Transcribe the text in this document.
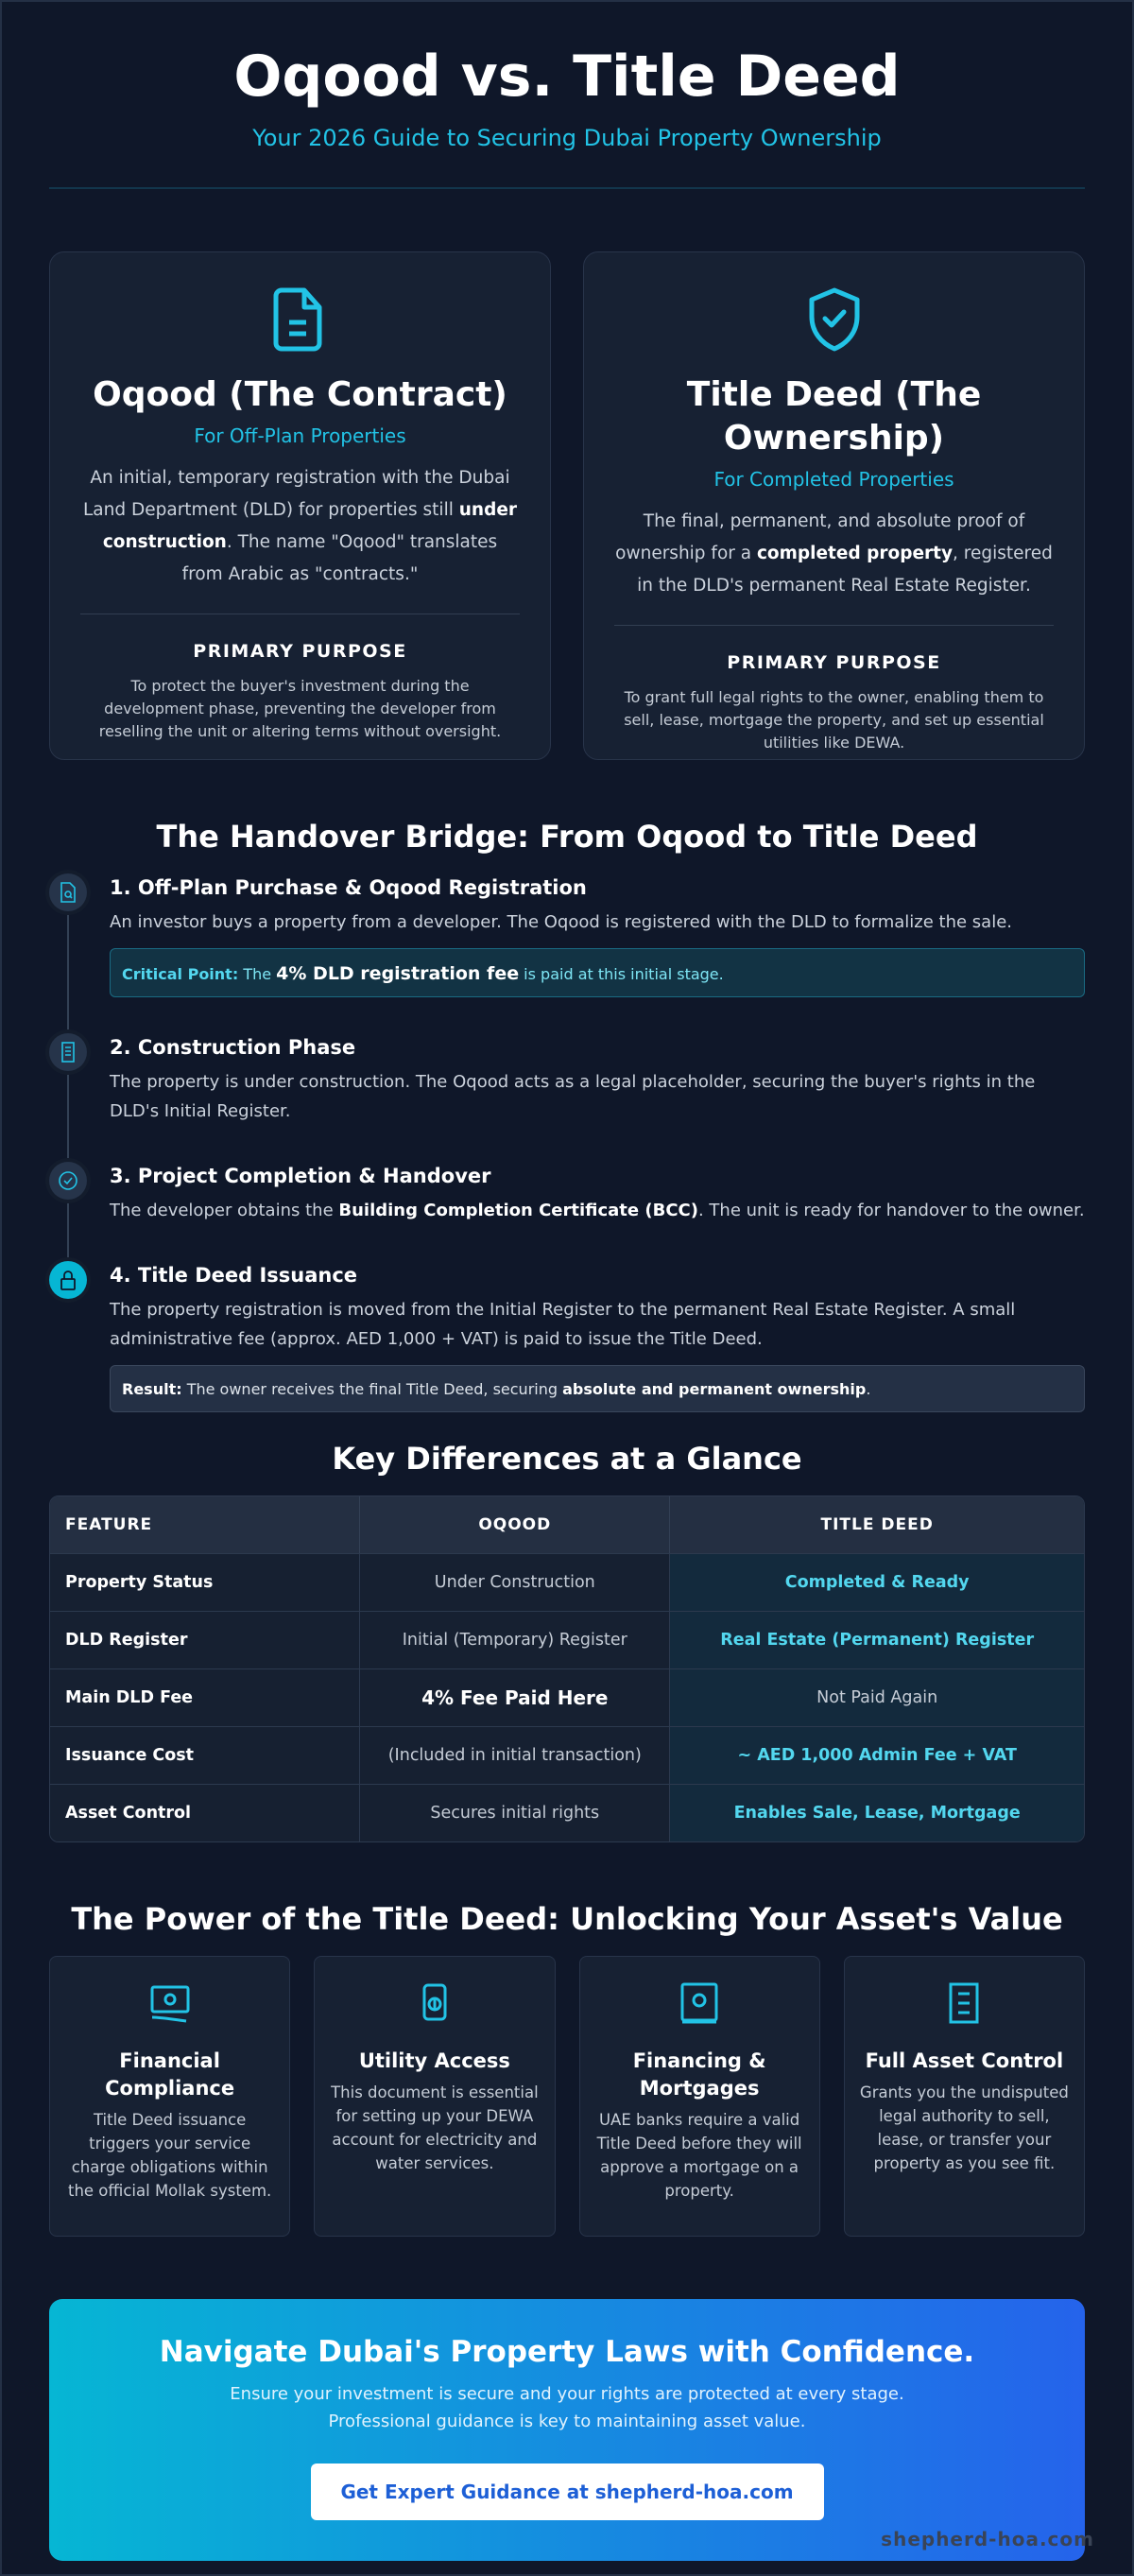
Oqood vs. Title Deed
Your 2026 Guide to Securing Dubai Property Ownership
Oqood (The Contract)
For Off-Plan Properties
An initial, temporary registration with the Dubai Land Department (DLD) for properties still under construction. The name "Oqood" translates from Arabic as "contracts."
PRIMARY PURPOSE
To protect the buyer's investment during the development phase, preventing the developer from reselling the unit or altering terms without oversight.
Title Deed (The Ownership)
For Completed Properties
The final, permanent, and absolute proof of ownership for a completed property, registered in the DLD's permanent Real Estate Register.
PRIMARY PURPOSE
To grant full legal rights to the owner, enabling them to sell, lease, mortgage the property, and set up essential utilities like DEWA.
The Handover Bridge: From Oqood to Title Deed
1. Off-Plan Purchase & Oqood Registration

An investor buys a property from a developer. The Oqood is registered with the DLD to formalize the sale.

Critical Point: The 4% DLD registration fee is paid at this initial stage.
2. Construction Phase

The property is under construction. The Oqood acts as a legal placeholder, securing the buyer's rights in the DLD's Initial Register.

3. Project Completion & Handover

The developer obtains the Building Completion Certificate (BCC). The unit is ready for handover to the owner.

4. Title Deed Issuance

The property registration is moved from the Initial Register to the permanent Real Estate Register. A small administrative fee (approx. AED 1,000 + VAT) is paid to issue the Title Deed.

Result: The owner receives the final Title Deed, securing absolute and permanent ownership.
Key Differences at a Glance
FEATURE	OQOOD	TITLE DEED
Property Status	Under Construction	Completed & Ready
DLD Register	Initial (Temporary) Register	Real Estate (Permanent) Register
Main DLD Fee	4% Fee Paid Here	Not Paid Again
Issuance Cost	(Included in initial transaction)	~ AED 1,000 Admin Fee + VAT
Asset Control	Secures initial rights	Enables Sale, Lease, Mortgage
The Power of the Title Deed: Unlocking Your Asset's Value
Financial Compliance

Title Deed issuance triggers your service charge obligations within the official Mollak system.

Utility Access

This document is essential for setting up your DEWA account for electricity and water services.

Financing & Mortgages

UAE banks require a valid Title Deed before they will approve a mortgage on a property.

Full Asset Control

Grants you the undisputed legal authority to sell, lease, or transfer your property as you see fit.

Navigate Dubai's Property Laws with Confidence.

Ensure your investment is secure and your rights are protected at every stage.
Professional guidance is key to maintaining asset value.

Get Expert Guidance at shepherd-hoa.com
shepherd-hoa.com
